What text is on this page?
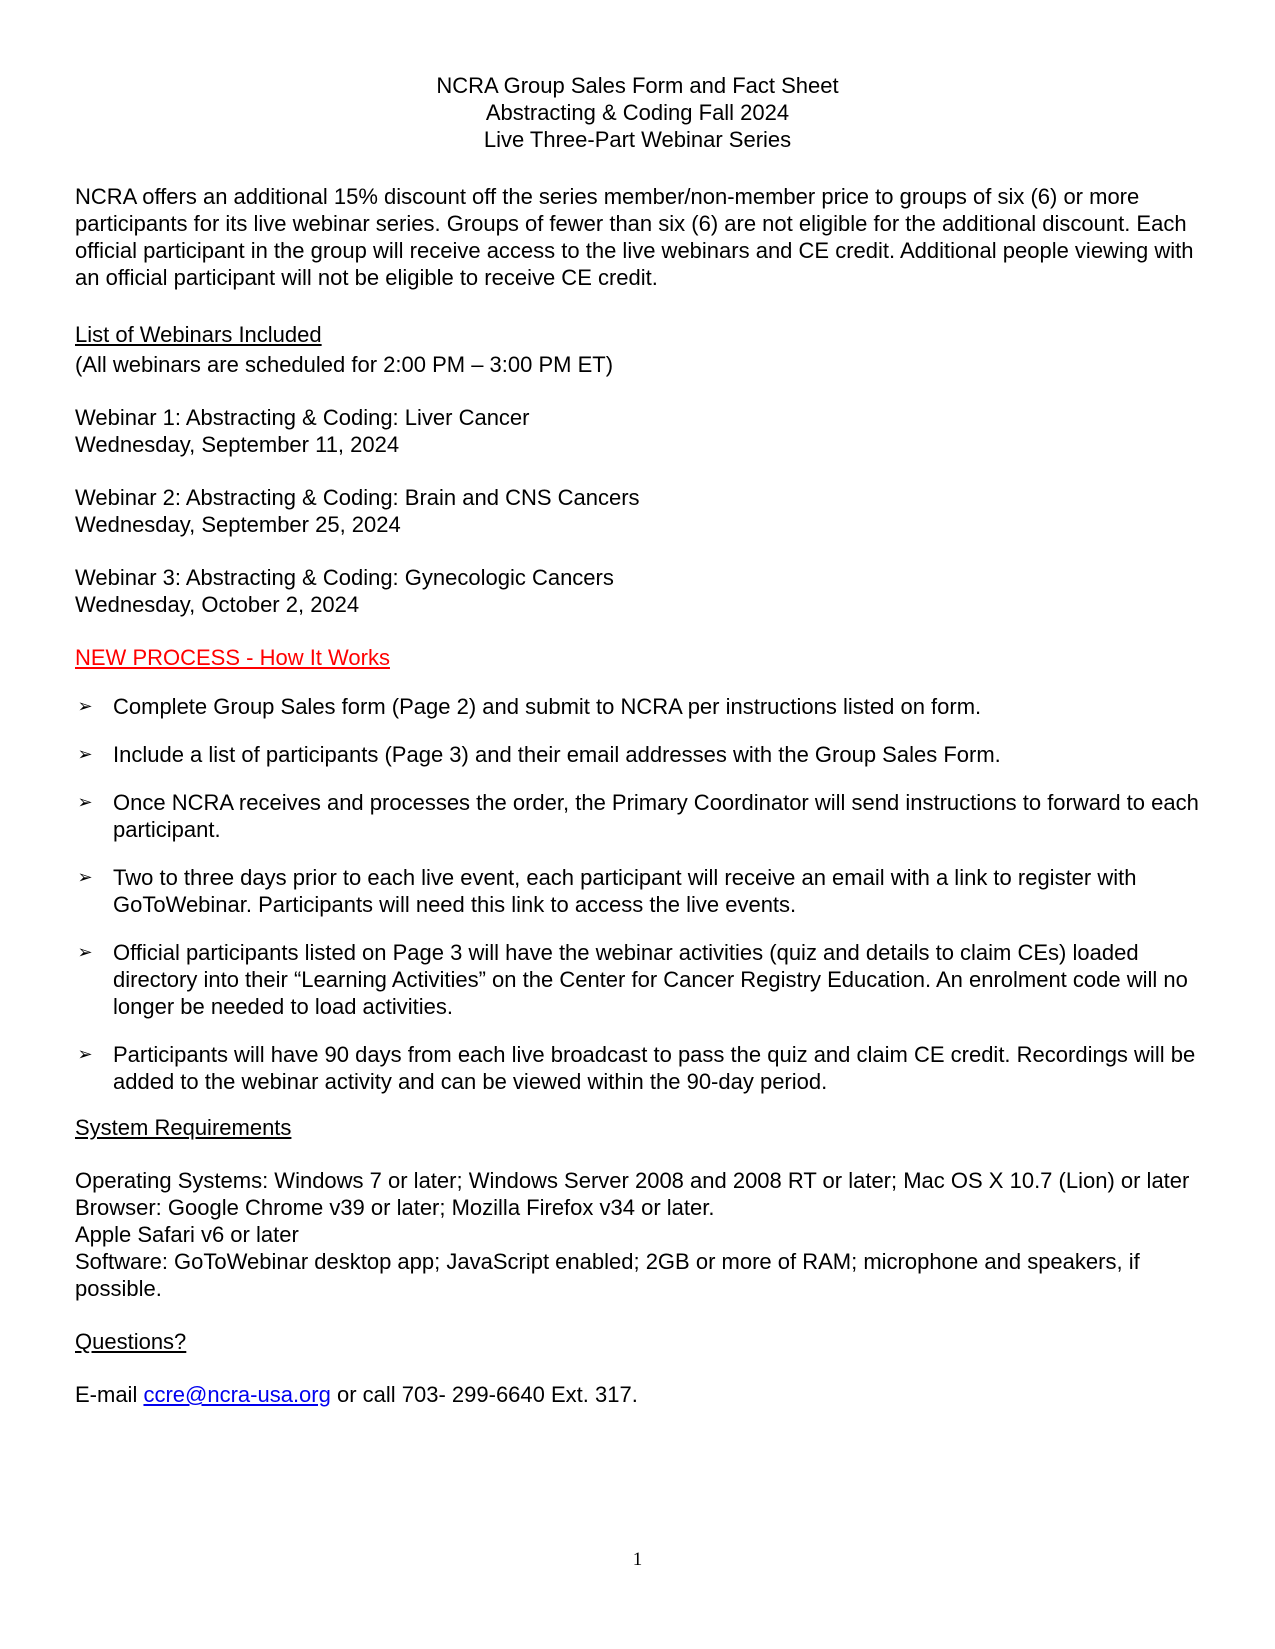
NCRA Group Sales Form and Fact Sheet
Abstracting & Coding Fall 2024
Live Three-Part Webinar Series

NCRA offers an additional 15% discount off the series member/non-member price to groups of six (6) or more participants for its live webinar series. Groups of fewer than six (6) are not eligible for the additional discount. Each official participant in the group will receive access to the live webinars and CE credit. Additional people viewing with an official participant will not be eligible to receive CE credit.

List of Webinars Included

(All webinars are scheduled for 2:00 PM – 3:00 PM ET)

Webinar 1: Abstracting & Coding: Liver Cancer

Wednesday, September 11, 2024

Webinar 2: Abstracting & Coding: Brain and CNS Cancers

Wednesday, September 25, 2024

Webinar 3: Abstracting & Coding: Gynecologic Cancers

Wednesday, October 2, 2024

NEW PROCESS - How It Works

➢ Complete Group Sales form (Page 2) and submit to NCRA per instructions listed on form.
➢ Include a list of participants (Page 3) and their email addresses with the Group Sales Form.
➢ Once NCRA receives and processes the order, the Primary Coordinator will send instructions to forward to each participant.
➢ Two to three days prior to each live event, each participant will receive an email with a link to register with GoToWebinar. Participants will need this link to access the live events.
➢ Official participants listed on Page 3 will have the webinar activities (quiz and details to claim CEs) loaded directory into their “Learning Activities” on the Center for Cancer Registry Education. An enrolment code will no longer be needed to load activities.
➢ Participants will have 90 days from each live broadcast to pass the quiz and claim CE credit. Recordings will be added to the webinar activity and can be viewed within the 90-day period.

System Requirements

Operating Systems: Windows 7 or later; Windows Server 2008 and 2008 RT or later; Mac OS X 10.7 (Lion) or later

Browser: Google Chrome v39 or later; Mozilla Firefox v34 or later.

Apple Safari v6 or later

Software: GoToWebinar desktop app; JavaScript enabled; 2GB or more of RAM; microphone and speakers, if possible.

Questions?

E-mail ccre@ncra-usa.org or call 703- 299-6640 Ext. 317.

1
